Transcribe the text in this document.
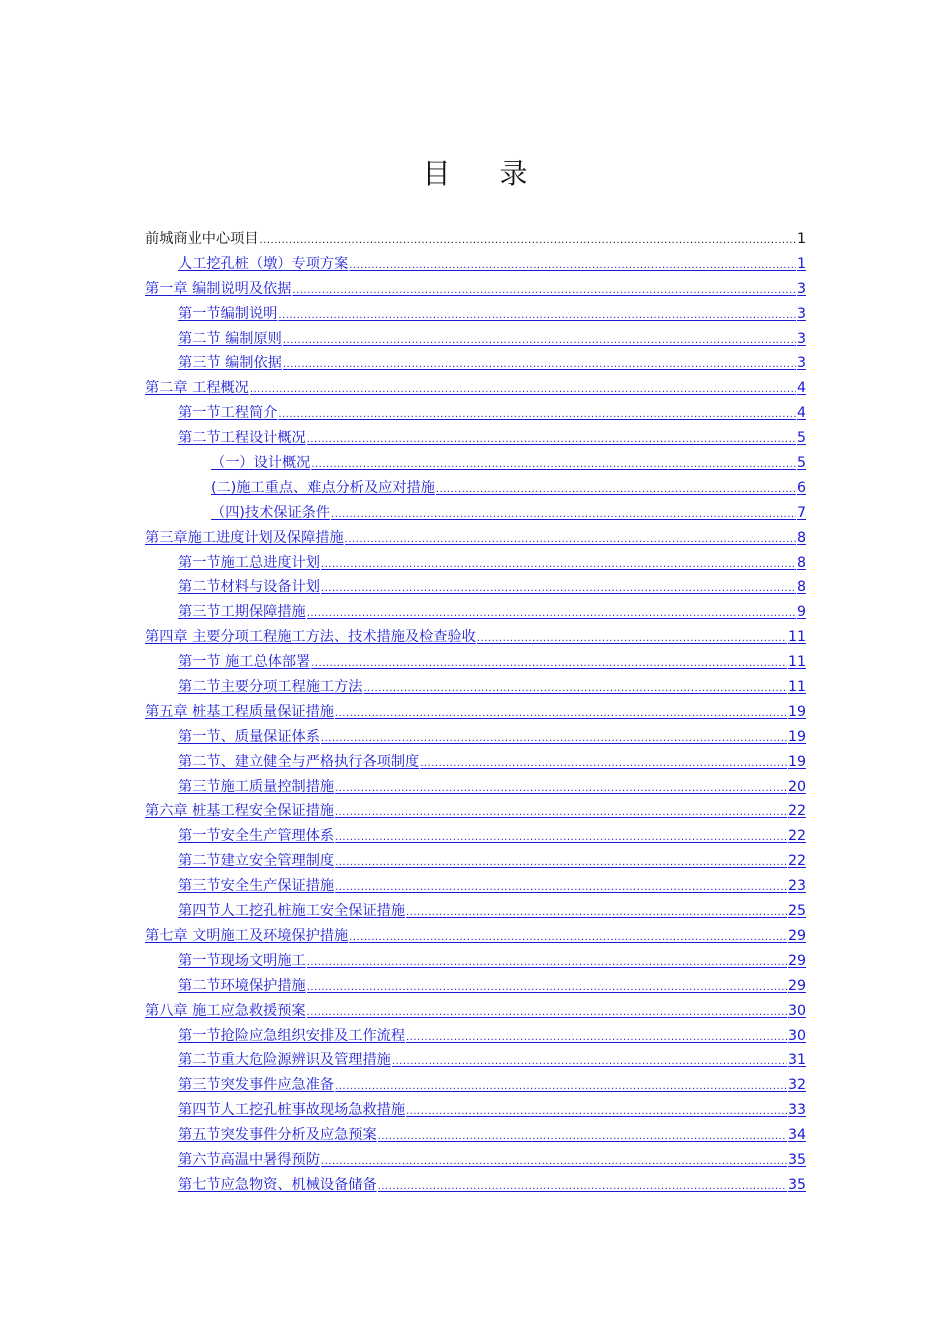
目 录
前城商业中心项目 .....	1
人工挖孔桩（墩）专项方案 .....	1
第一章 编制说明及依据 .....	3
第一节编制说明 .....	3
第二节 编制原则 .....	3
第三节 编制依据 .....	3
第二章 工程概况 .....	4
第一节工程简介 .....	4
第二节工程设计概况 .....	5
（一）设计概况 .....	5
(二)施工重点、难点分析及应对措施 .....	6
（四)技术保证条件 .....	7
第三章施工进度计划及保障措施 .....	8
第一节施工总进度计划 .....	8
第二节材料与设备计划 .....	8
第三节工期保障措施 .....	9
第四章 主要分项工程施工方法、技术措施及检查验收 .....	11
第一节 施工总体部署 .....	11
第二节主要分项工程施工方法 .....	11
第五章 桩基工程质量保证措施 .....	19
第一节、质量保证体系 .....	19
第二节、建立健全与严格执行各项制度 .....	19
第三节施工质量控制措施 .....	20
第六章 桩基工程安全保证措施 .....	22
第一节安全生产管理体系 .....	22
第二节建立安全管理制度 .....	22
第三节安全生产保证措施 .....	23
第四节人工挖孔桩施工安全保证措施 .....	25
第七章 文明施工及环境保护措施 .....	29
第一节现场文明施工 .....	29
第二节环境保护措施 .....	29
第八章 施工应急救援预案 .....	30
第一节抢险应急组织安排及工作流程 .....	30
第二节重大危险源辨识及管理措施 .....	31
第三节突发事件应急准备 .....	32
第四节人工挖孔桩事故现场急救措施 .....	33
第五节突发事件分析及应急预案 .....	34
第六节高温中暑得预防 .....	35
第七节应急物资、机械设备储备 .....	35
